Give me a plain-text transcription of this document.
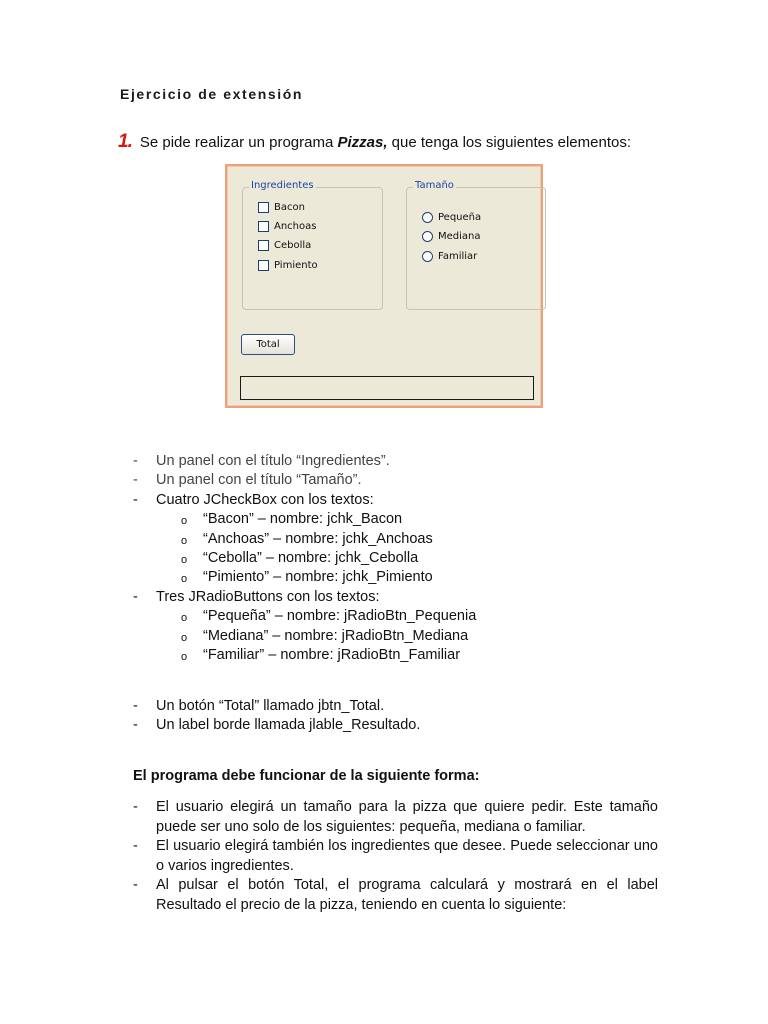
Ejercicio de extensión
1. Se pide realizar un programa Pizzas, que tenga los siguientes elementos:
Ingredientes
Bacon
Anchoas
Cebolla
Pimiento
Tamaño
Pequeña
Mediana
Familiar
Total
- Un panel con el título “Ingredientes”.
- Un panel con el título “Tamaño”.
- Cuatro JCheckBox con los textos:
o “Bacon” – nombre: jchk_Bacon
o “Anchoas” – nombre: jchk_Anchoas
o “Cebolla” – nombre: jchk_Cebolla
o “Pimiento” – nombre: jchk_Pimiento
- Tres JRadioButtons con los textos:
o “Pequeña” – nombre: jRadioBtn_Pequenia
o “Mediana” – nombre: jRadioBtn_Mediana
o “Familiar” – nombre: jRadioBtn_Familiar
- Un botón “Total” llamado jbtn_Total.
- Un label borde llamada jlable_Resultado.
El programa debe funcionar de la siguiente forma:
- El usuario elegirá un tamaño para la pizza que quiere pedir. Este tamaño puede ser uno solo de los siguientes: pequeña, mediana o familiar.
- El usuario elegirá también los ingredientes que desee. Puede seleccionar uno o varios ingredientes.
- Al pulsar el botón Total, el programa calculará y mostrará en el label Resultado el precio de la pizza, teniendo en cuenta lo siguiente:
